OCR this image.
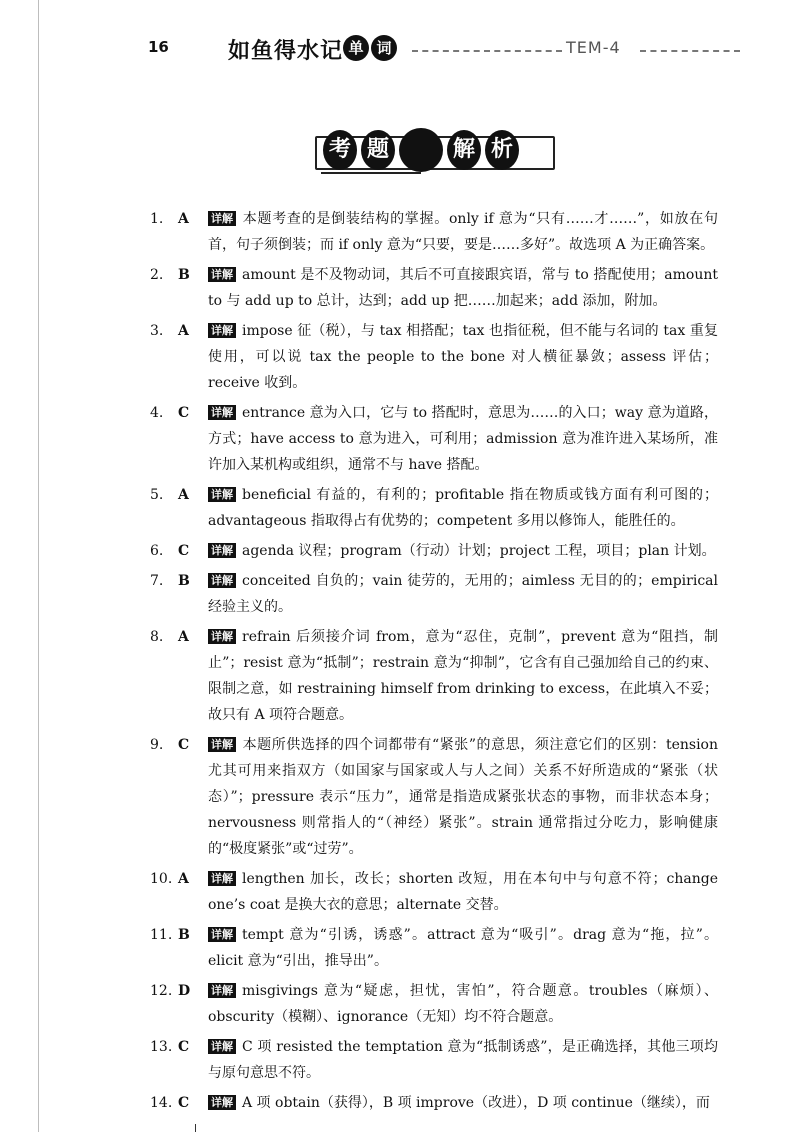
16	如鱼得水记 单 词	TEM-4
考 题	解 析
1.	A	详解 本题考查的是倒装结构的掌握。only if 意为“只有……才……”，如放在句首，句子须倒装；而 if only 意为“只要，要是……多好”。故选项 A 为正确答案。
2.	B	详解 amount 是不及物动词，其后不可直接跟宾语，常与 to 搭配使用；amount to 与 add up to 总计，达到；add up 把……加起来；add 添加，附加。
3.	A	详解 impose 征（税），与 tax 相搭配；tax 也指征税，但不能与名词的 tax 重复使用，可以说 tax the people to the bone 对人横征暴敛；assess 评估；receive 收到。
4.	C	详解 entrance 意为入口，它与 to 搭配时，意思为……的入口；way 意为道路，方式；have access to 意为进入，可利用；admission 意为准许进入某场所，准许加入某机构或组织，通常不与 have 搭配。
5.	A	详解 beneficial 有益的，有利的；profitable 指在物质或钱方面有利可图的；advantageous 指取得占有优势的；competent 多用以修饰人，能胜任的。
6.	C	详解 agenda 议程；program（行动）计划；project 工程，项目；plan 计划。
7.	B	详解 conceited 自负的；vain 徒劳的，无用的；aimless 无目的的；empirical 经验主义的。
8.	A	详解 refrain 后须接介词 from，意为“忍住，克制”，prevent 意为“阻挡，制止”；resist 意为“抵制”；restrain 意为“抑制”，它含有自己强加给自己的约束、限制之意，如 restraining himself from drinking to excess，在此填入不妥；故只有 A 项符合题意。
9.	C	详解 本题所供选择的四个词都带有“紧张”的意思，须注意它们的区别：tension 尤其可用来指双方（如国家与国家或人与人之间）关系不好所造成的“紧张（状态）”；pressure 表示“压力”，通常是指造成紧张状态的事物，而非状态本身；nervousness 则常指人的“（神经）紧张”。strain 通常指过分吃力，影响健康的“极度紧张”或“过劳”。
10. A	详解 lengthen 加长，改长；shorten 改短，用在本句中与句意不符；change one’s coat 是换大衣的意思；alternate 交替。
11. B	详解 tempt 意为“引诱，诱惑”。attract 意为“吸引”。drag 意为“拖，拉”。elicit 意为“引出，推导出”。
12. D	详解 misgivings 意为“疑虑，担忧，害怕”，符合题意。troubles（麻烦）、obscurity（模糊）、ignorance（无知）均不符合题意。
13. C	详解 C 项 resisted the temptation 意为“抵制诱惑”，是正确选择，其他三项均与原句意思不符。
14. C	详解 A 项 obtain（获得），B 项 improve（改进），D 项 continue（继续），而
